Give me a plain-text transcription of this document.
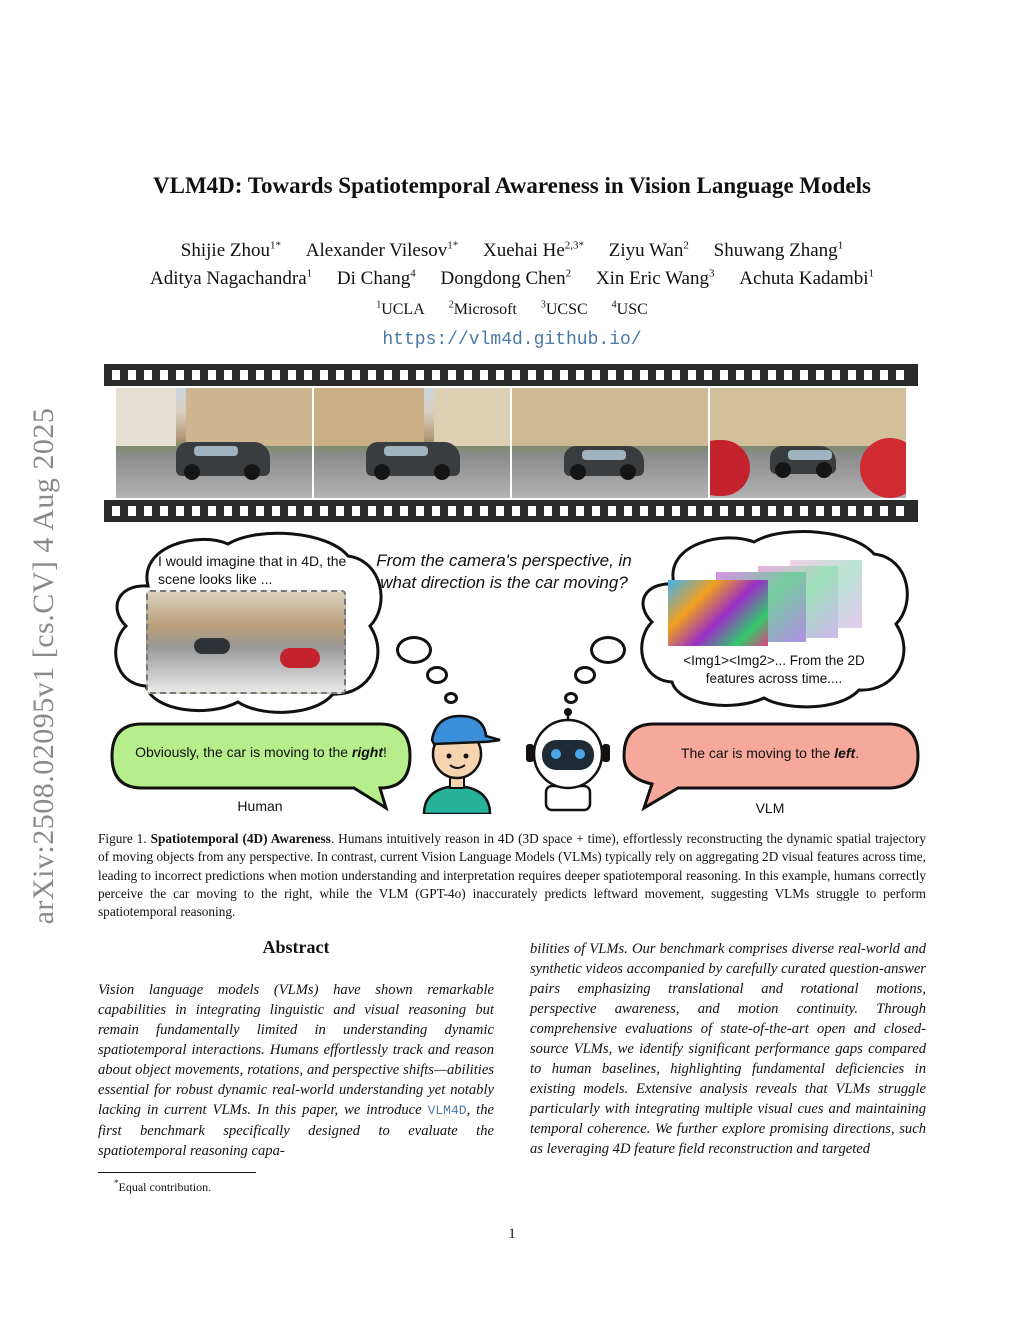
arXiv:2508.02095v1 [cs.CV] 4 Aug 2025
VLM4D: Towards Spatiotemporal Awareness in Vision Language Models
Shijie Zhou$^{1*}$ Alexander Vilesov$^{1*}$ Xuehai $He^{2,3*}$ Ziyu Wan$^2$ Shuwang Zhang$^1$
Aditya Nagachandra$^1$ Di Chang$^4$ Dongdong Chen$^2$ Xin Eric Wang$^3$ Achuta Kadambi$^1$
$^1$UCLA $^2$Microsoft $^3$UCSC $^4$USC
https://vlm4d.github.io/
I would imagine that in 4D, the scene looks like ...
From the camera's perspective, in what direction is the car moving?
<Img1><Img2>... From the 2D features across time....
Obviously, the car is moving to the right!
Human
The car is moving to the left.
VLM
Figure 1. Spatiotemporal (4D) Awareness. Humans intuitively reason in 4D (3D space + time), effortlessly reconstructing the dynamic spatial trajectory of moving objects from any perspective. In contrast, current Vision Language Models (VLMs) typically rely on aggregating 2D visual features across time, leading to incorrect predictions when motion understanding and interpretation requires deeper spatiotemporal reasoning. In this example, humans correctly perceive the car moving to the right, while the VLM (GPT-4o) inaccurately predicts leftward movement, suggesting VLMs struggle to perform spatiotemporal reasoning.
Abstract
Vision language models (VLMs) have shown remarkable capabilities in integrating linguistic and visual reasoning but remain fundamentally limited in understanding dynamic spatiotemporal interactions. Humans effortlessly track and reason about object movements, rotations, and perspective shifts—abilities essential for robust dynamic real-world understanding yet notably lacking in current VLMs. In this paper, we introduce VLM4D, the first benchmark specifically designed to evaluate the spatiotemporal reasoning capa-
bilities of VLMs. Our benchmark comprises diverse real-world and synthetic videos accompanied by carefully curated question-answer pairs emphasizing translational and rotational motions, perspective awareness, and motion continuity. Through comprehensive evaluations of state-of-the-art open and closed-source VLMs, we identify significant performance gaps compared to human baselines, highlighting fundamental deficiencies in existing models. Extensive analysis reveals that VLMs struggle particularly with integrating multiple visual cues and maintaining temporal coherence. We further explore promising directions, such as leveraging 4D feature field reconstruction and targeted
*Equal contribution.
1
